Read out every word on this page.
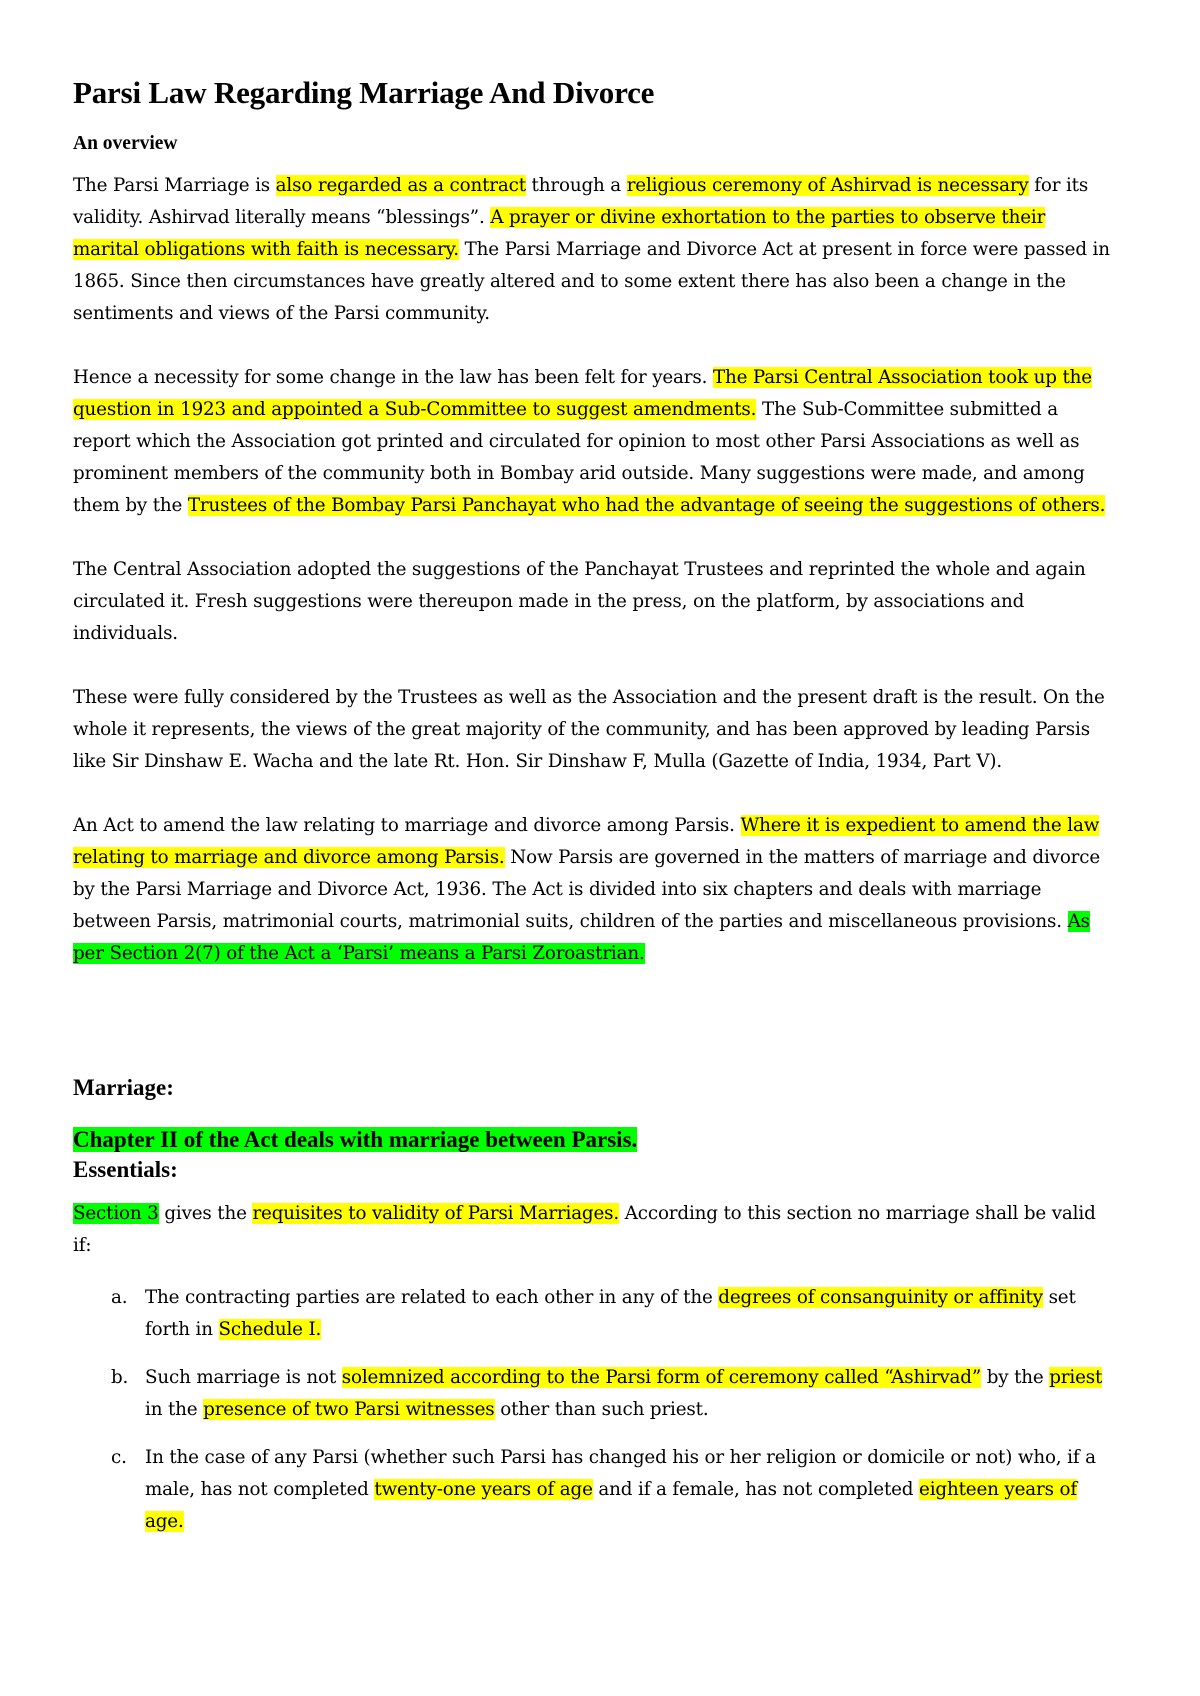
Parsi Law Regarding Marriage And Divorce
An overview

The Parsi Marriage is also regarded as a contract through a religious ceremony of Ashirvad is necessary for its validity. Ashirvad literally means “blessings”. A prayer or divine exhortation to the parties to observe their marital obligations with faith is necessary. The Parsi Marriage and Divorce Act at present in force were passed in 1865. Since then circumstances have greatly altered and to some extent there has also been a change in the sentiments and views of the Parsi community.

Hence a necessity for some change in the law has been felt for years. The Parsi Central Association took up the question in 1923 and appointed a Sub-Committee to suggest amendments. The Sub-Committee submitted a report which the Association got printed and circulated for opinion to most other Parsi Associations as well as prominent members of the community both in Bombay arid outside. Many suggestions were made, and among them by the Trustees of the Bombay Parsi Panchayat who had the advantage of seeing the suggestions of others.

The Central Association adopted the suggestions of the Panchayat Trustees and reprinted the whole and again circulated it. Fresh suggestions were thereupon made in the press, on the platform, by associations and individuals.

These were fully considered by the Trustees as well as the Association and the present draft is the result. On the whole it represents, the views of the great majority of the community, and has been approved by leading Parsis like Sir Dinshaw E. Wacha and the late Rt. Hon. Sir Dinshaw F, Mulla (Gazette of India, 1934, Part V).

An Act to amend the law relating to marriage and divorce among Parsis. Where it is expedient to amend the law relating to marriage and divorce among Parsis. Now Parsis are governed in the matters of marriage and divorce by the Parsi Marriage and Divorce Act, 1936. The Act is divided into six chapters and deals with marriage between Parsis, matrimonial courts, matrimonial suits, children of the parties and miscellaneous provisions. As per Section 2(7) of the Act a ‘Parsi’ means a Parsi Zoroastrian.

Marriage:
Chapter II of the Act deals with marriage between Parsis.
Essentials:

Section 3 gives the requisites to validity of Parsi Marriages. According to this section no marriage shall be valid if:

a. The contracting parties are related to each other in any of the degrees of consanguinity or affinity set forth in Schedule I.
b. Such marriage is not solemnized according to the Parsi form of ceremony called “Ashirvad” by the priest in the presence of two Parsi witnesses other than such priest.
c. In the case of any Parsi (whether such Parsi has changed his or her religion or domicile or not) who, if a male, has not completed twenty-one years of age and if a female, has not completed eighteen years of age.
